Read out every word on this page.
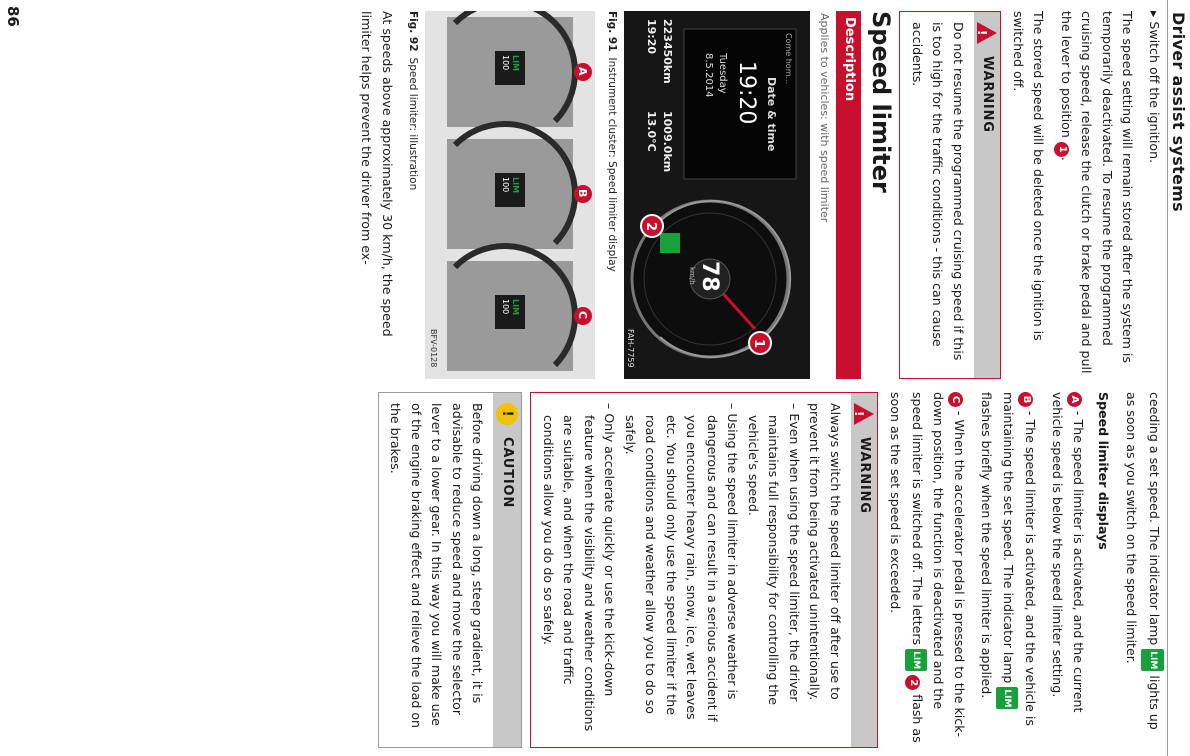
Driver assist systems

▸ Switch off the ignition.

The speed setting will remain stored after the system is temporarily deactivated. To resume the programmed cruising speed, release the clutch or brake pedal and pull the lever to position 1.

The stored speed will be deleted once the ignition is switched off.

!
WARNING
Do not resume the programmed cruising speed if this is too high for the traffic conditions - this can cause accidents.
Speed limiter
Description
Applies to vehicles: with speed limiter
Date & time
19:20
Tuesday
8.5.2014	Come hom...
223450km
1009.0km
19:20
13.0°C
78
km/h
1
2
FAH-7759
Fig. 91Instrument cluster: Speed limiter display
LIM
100
A
LIM
100
B
LIM
100
C
BFV-0128
Fig. 92Speed limiter: illustration

At speeds above approximately 30 km/h, the speed limiter helps prevent the driver from ex-

ceeding a set speed. The indicator lamp LIM lights up as soon as you switch on the speed limiter.

Speed limiter displays

A - The speed limiter is activated, and the current vehicle speed is below the speed limiter setting.

B - The speed limiter is activated, and the vehicle is maintaining the set speed. The indicator lamp LIM flashes briefly when the speed limiter is applied.

C - When the accelerator pedal is pressed to the kick-down position, the function is deactivated and the speed limiter is switched off. The letters LIM 2 flash as soon as the set speed is exceeded.

!
WARNING
Always switch the speed limiter off after use to prevent it from being activated unintentionally.
– Even when using the speed limiter, the driver maintains full responsibility for controlling the vehicle's speed.
– Using the speed limiter in adverse weather is dangerous and can result in a serious accident if you encounter heavy rain, snow, ice, wet leaves etc. You should only use the speed limiter if the road conditions and weather allow you to do so safely.
– Only accelerate quickly or use the kick-down feature when the visibility and weather conditions are suitable, and when the road and traffic conditions allow you do do so safely.
!
CAUTION
Before driving down a long, steep gradient, it is advisable to reduce speed and move the selector lever to a lower gear. In this way you will make use of the engine braking effect and relieve the load on the brakes.
86
